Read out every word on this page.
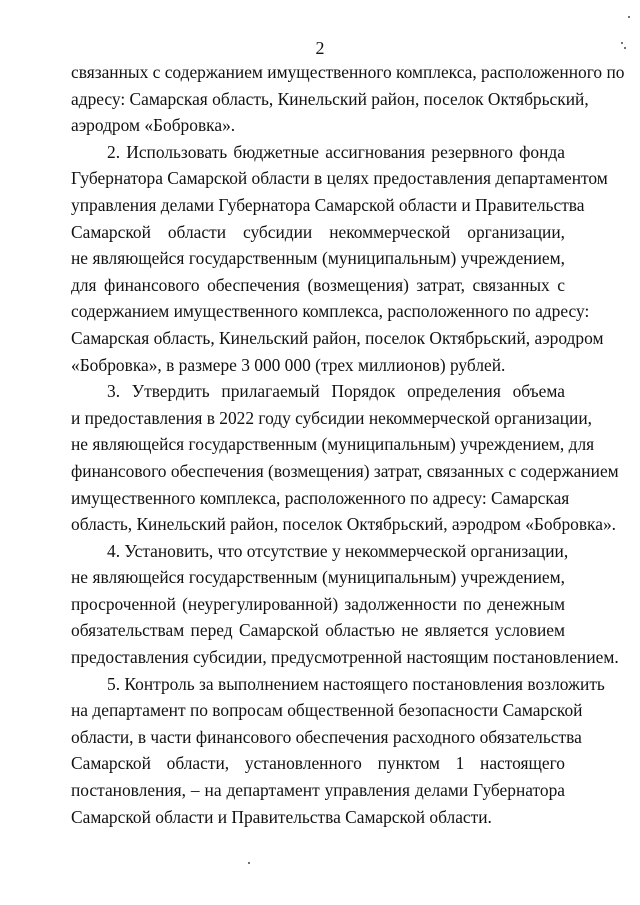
2
связанных с содержанием имущественного комплекса, расположенного по
адресу: Самарская область, Кинельский район, поселок Октябрьский,
аэродром «Бобровка».
2. Использовать бюджетные ассигнования резервного фонда
Губернатора Самарской области в целях предоставления департаментом
управления делами Губернатора Самарской области и Правительства
Самарской области субсидии некоммерческой организации,
не являющейся государственным (муниципальным) учреждением,
для финансового обеспечения (возмещения) затрат, связанных с
содержанием имущественного комплекса, расположенного по адресу:
Самарская область, Кинельский район, поселок Октябрьский, аэродром
«Бобровка», в размере 3 000 000 (трех миллионов) рублей.
3. Утвердить прилагаемый Порядок определения объема
и предоставления в 2022 году субсидии некоммерческой организации,
не являющейся государственным (муниципальным) учреждением, для
финансового обеспечения (возмещения) затрат, связанных с содержанием
имущественного комплекса, расположенного по адресу: Самарская
область, Кинельский район, поселок Октябрьский, аэродром «Бобровка».
4. Установить, что отсутствие у некоммерческой организации,
не являющейся государственным (муниципальным) учреждением,
просроченной (неурегулированной) задолженности по денежным
обязательствам перед Самарской областью не является условием
предоставления субсидии, предусмотренной настоящим постановлением.
5. Контроль за выполнением настоящего постановления возложить
на департамент по вопросам общественной безопасности Самарской
области, в части финансового обеспечения расходного обязательства
Самарской области, установленного пунктом 1 настоящего
постановления, – на департамент управления делами Губернатора
Самарской области и Правительства Самарской области.
